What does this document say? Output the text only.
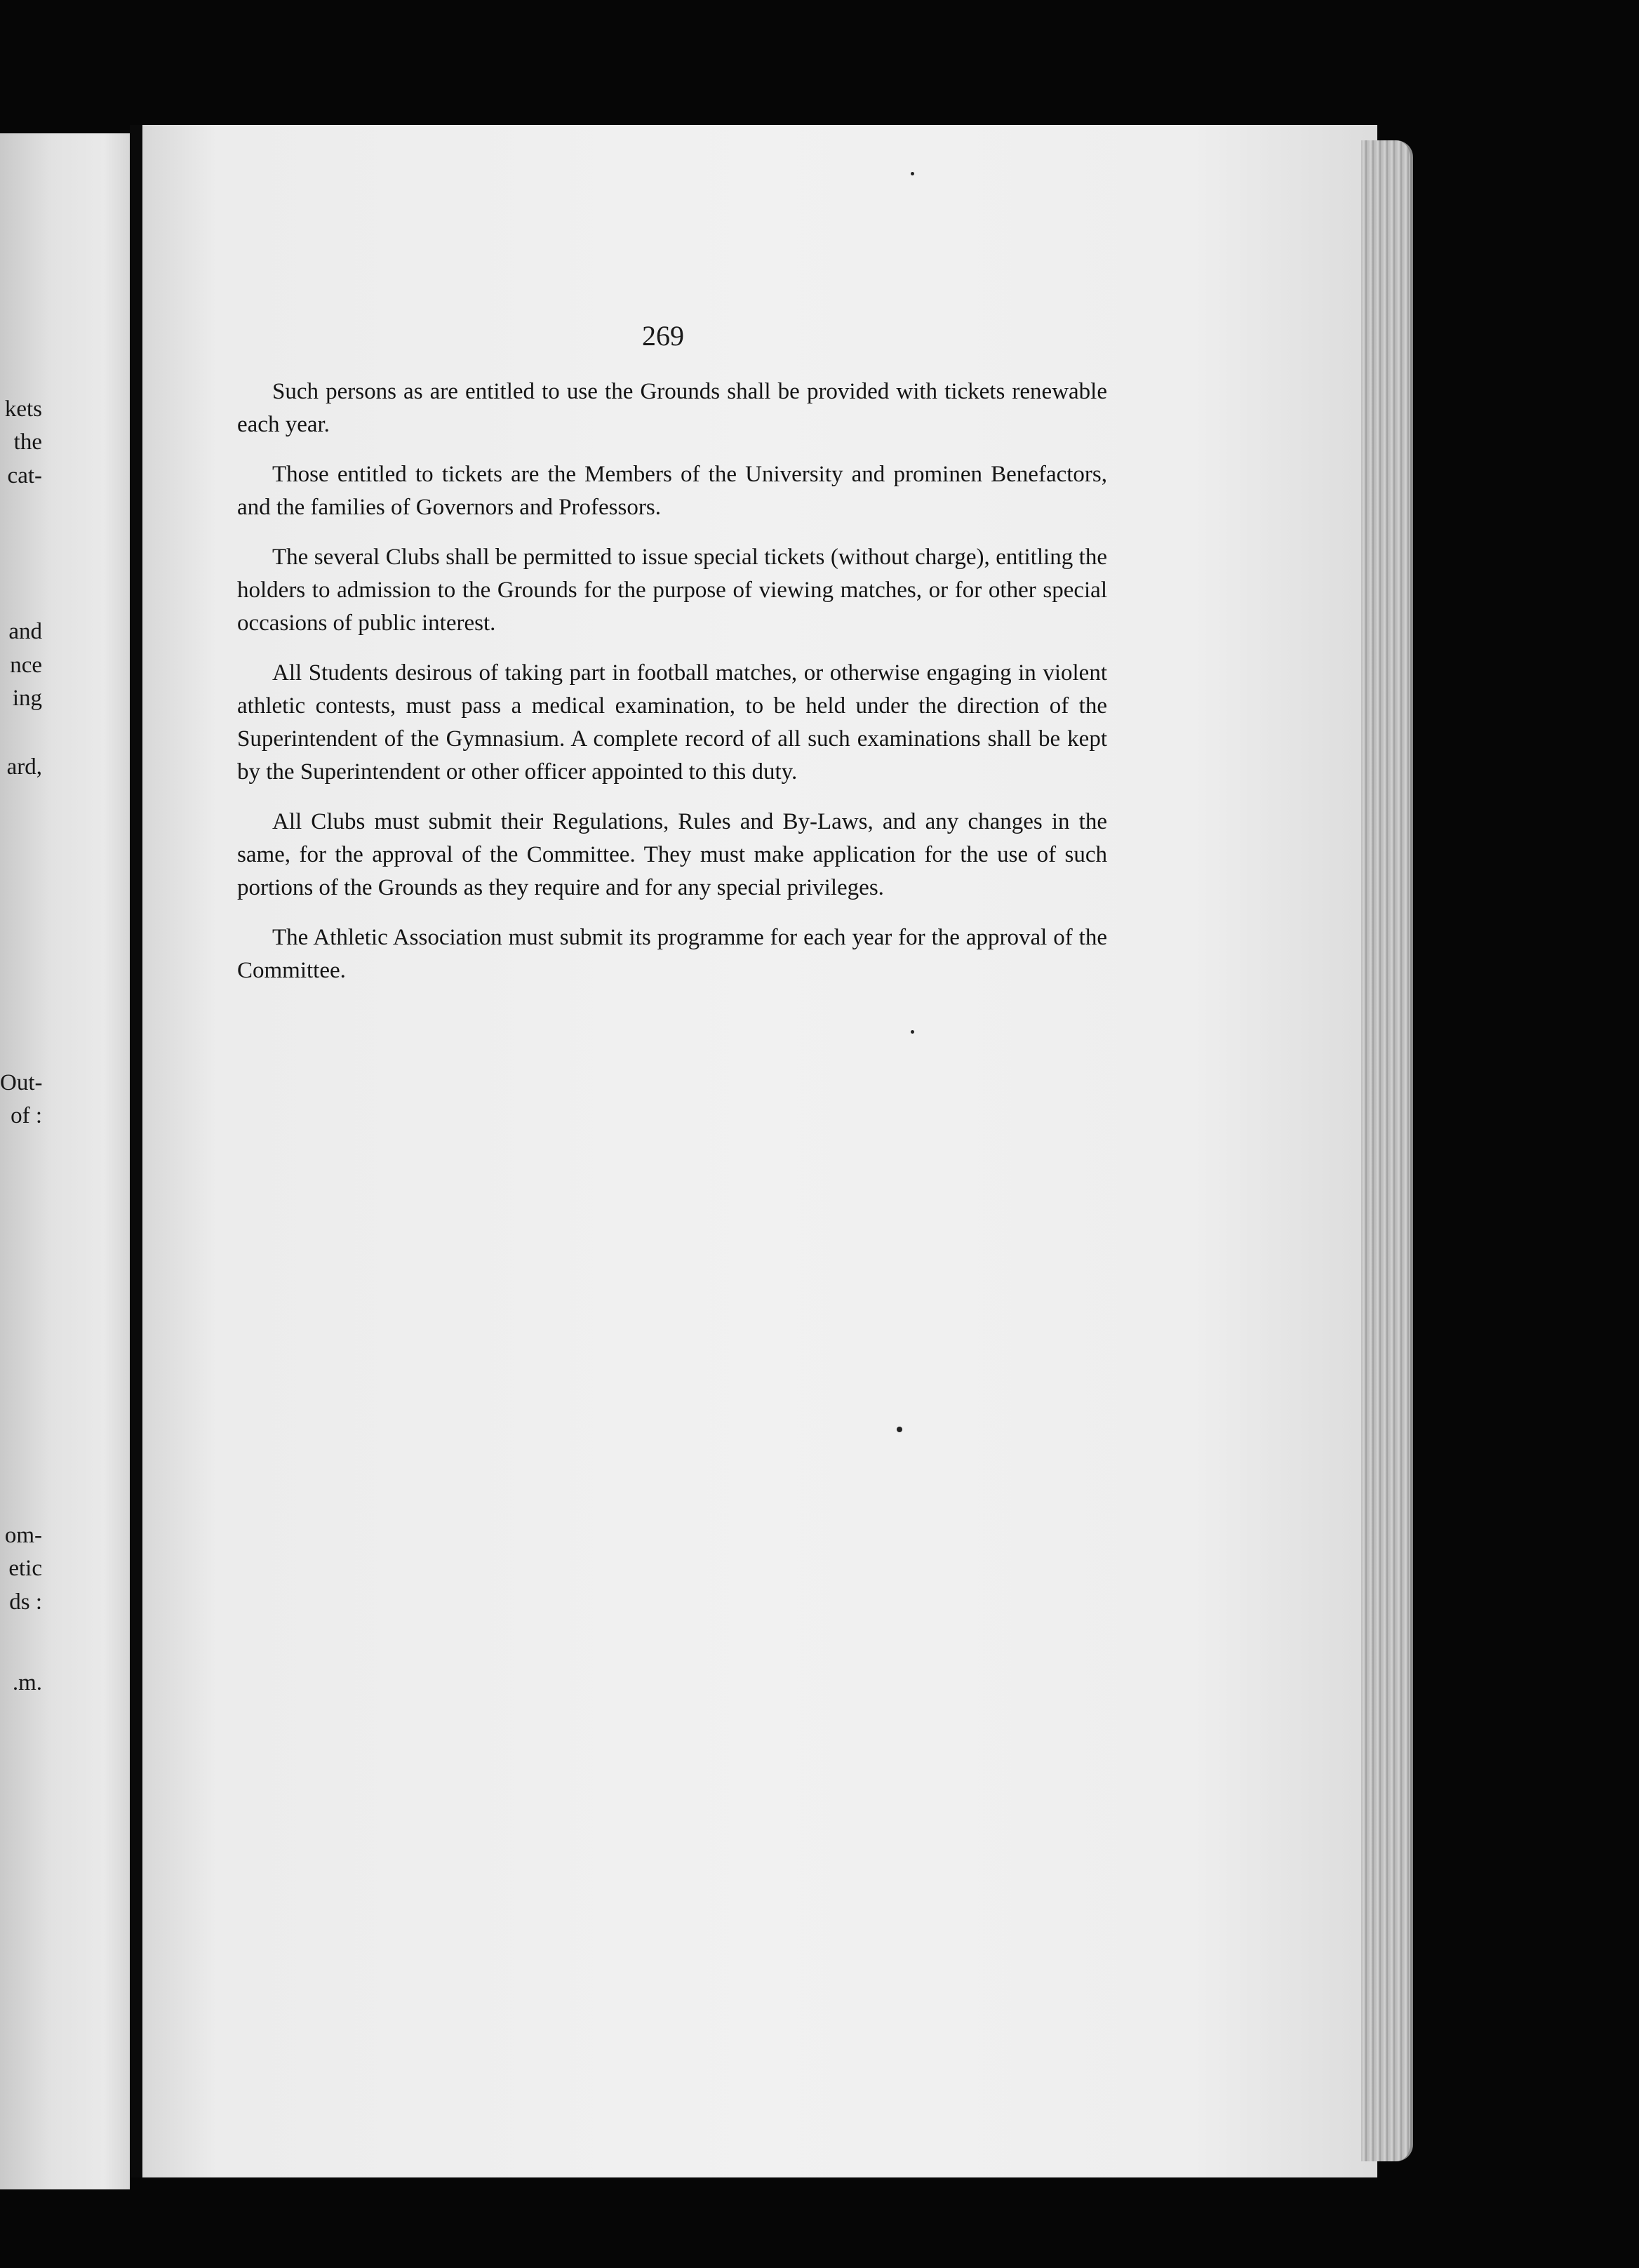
kets
the
cat-
and
nce
ing
ard,
Out-
of :
om-
etic
ds :
.m.
269

Such persons as are entitled to use the Grounds shall be provided with tickets renewable each year.

Those entitled to tickets are the Members of the University and prominen Benefactors, and the families of Governors and Professors.

The several Clubs shall be permitted to issue special tickets (without charge), entitling the holders to admission to the Grounds for the purpose of viewing matches, or for other special occasions of public interest.

All Students desirous of taking part in football matches, or otherwise engaging in violent athletic contests, must pass a medical examination, to be held under the direction of the Superintendent of the Gymnasium. A complete record of all such examinations shall be kept by the Superintendent or other officer appointed to this duty.

All Clubs must submit their Regulations, Rules and By-Laws, and any changes in the same, for the approval of the Committee. They must make application for the use of such portions of the Grounds as they require and for any special privileges.

The Athletic Association must submit its programme for each year for the approval of the Committee.
